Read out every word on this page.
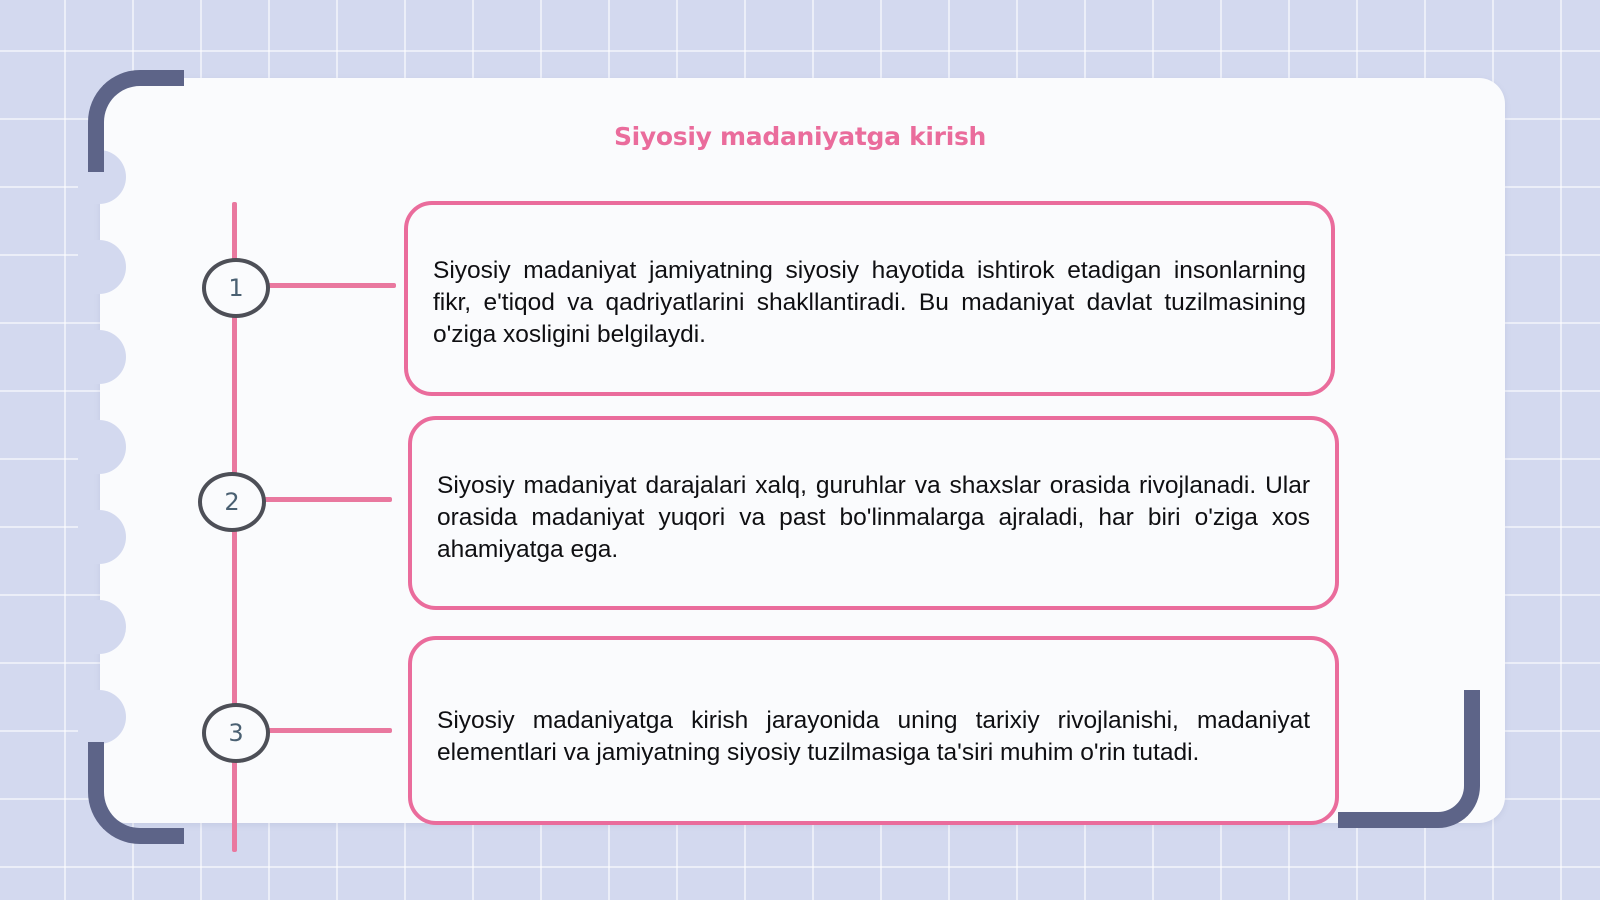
Siyosiy madaniyatga kirish
1
2
3

Siyosiy madaniyat jamiyatning siyosiy hayotida ishtirok etadigan insonlarning fikr, e'tiqod va qadriyatlarini shakllantiradi. Bu madaniyat davlat tuzilmasining o'ziga xosligini belgilaydi.

Siyosiy madaniyat darajalari xalq, guruhlar va shaxslar orasida rivojlanadi. Ular orasida madaniyat yuqori va past bo'linmalarga ajraladi, har biri o'ziga xos ahamiyatga ega.

Siyosiy madaniyatga kirish jarayonida uning tarixiy rivojlanishi, madaniyat elementlari va jamiyatning siyosiy tuzilmasiga ta'siri muhim o'rin tutadi.
